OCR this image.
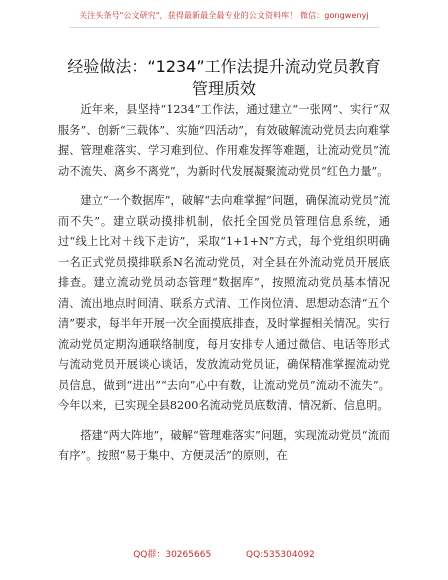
关注头条号"公文研究"，获得最新最全最专业的公文资料库！ 微信：gongwenyj
经验做法：“1234”工作法提升流动党员教育
管理质效

近年来，县坚持“1234”工作法，通过建立“一张网”、实行“双服务”、创新“三载体”、实施“四活动”，有效破解流动党员去向难掌握、管理难落实、学习难到位、作用难发挥等难题，让流动党员“流动不流失、离乡不离党”，为新时代发展凝聚流动党员“红色力量”。

建立“一个数据库”，破解“去向难掌握”问题，确保流动党员“流而不失”。建立联动摸排机制，依托全国党员管理信息系统，通过“线上比对＋线下走访”，采取“1+1+N”方式，每个党组织明确一名正式党员摸排联系N名流动党员，对全县在外流动党员开展底排查。建立流动党员动态管理“数据库”，按照流动党员基本情况清、流出地点时间清、联系方式清、工作岗位清、思想动态清“五个清”要求，每半年开展一次全面摸底排查，及时掌握相关情况。实行流动党员定期沟通联络制度，每月安排专人通过微信、电话等形式与流动党员开展谈心谈话，发放流动党员证，确保精准掌握流动党员信息，做到“进出”“去向”心中有数，让流动党员“流动不流失”。今年以来，已实现全县8200名流动党员底数清、情况新、信息明。

搭建“两大阵地”，破解“管理难落实”问题，实现流动党员“流而有序”。按照“易于集中、方便灵活”的原则，在

QQ群：30265665	QQ:535304092
